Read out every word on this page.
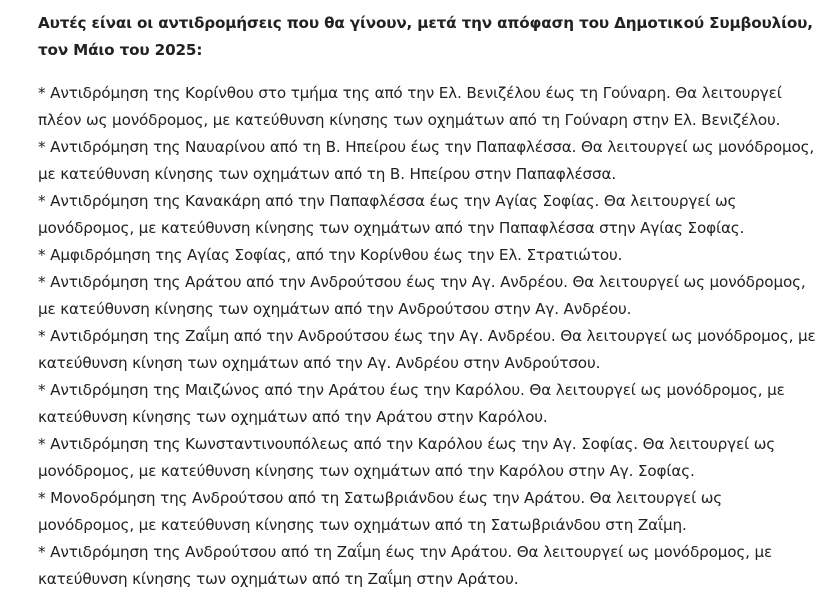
Αυτές είναι οι αντιδρομήσεις που θα γίνουν, μετά την απόφαση του Δημοτικού Συμβουλίου, τον Μάιο του 2025:

* Αντιδρόμηση της Κορίνθου στο τμήμα της από την Ελ. Βενιζέλου έως τη Γούναρη. Θα λειτουργεί πλέον ως μονόδρομος, με κατεύθυνση κίνησης των οχημάτων από τη Γούναρη στην Ελ. Βενιζέλου.
* Αντιδρόμηση της Ναυαρίνου από τη Β. Ηπείρου έως την Παπαφλέσσα. Θα λειτουργεί ως μονόδρομος, με κατεύθυνση κίνησης των οχημάτων από τη Β. Ηπείρου στην Παπαφλέσσα.
* Αντιδρόμηση της Κανακάρη από την Παπαφλέσσα έως την Αγίας Σοφίας. Θα λειτουργεί ως μονόδρομος, με κατεύθυνση κίνησης των οχημάτων από την Παπαφλέσσα στην Αγίας Σοφίας.
* Αμφιδρόμηση της Αγίας Σοφίας, από την Κορίνθου έως την Ελ. Στρατιώτου.
* Αντιδρόμηση της Αράτου από την Ανδρούτσου έως την Αγ. Ανδρέου. Θα λειτουργεί ως μονόδρομος, με κατεύθυνση κίνησης των οχημάτων από την Ανδρούτσου στην Αγ. Ανδρέου.
* Αντιδρόμηση της Ζαΐμη από την Ανδρούτσου έως την Αγ. Ανδρέου. Θα λειτουργεί ως μονόδρομος, με κατεύθυνση κίνηση των οχημάτων από την Αγ. Ανδρέου στην Ανδρούτσου.
* Αντιδρόμηση της Μαιζώνος από την Αράτου έως την Καρόλου. Θα λειτουργεί ως μονόδρομος, με κατεύθυνση κίνησης των οχημάτων από την Αράτου στην Καρόλου.
* Αντιδρόμηση της Κωνσταντινουπόλεως από την Καρόλου έως την Αγ. Σοφίας. Θα λειτουργεί ως μονόδρομος, με κατεύθυνση κίνησης των οχημάτων από την Καρόλου στην Αγ. Σοφίας.
* Μονοδρόμηση της Ανδρούτσου από τη Σατωβριάνδου έως την Αράτου. Θα λειτουργεί ως μονόδρομος, με κατεύθυνση κίνησης των οχημάτων από τη Σατωβριάνδου στη Ζαΐμη.
* Αντιδρόμηση της Ανδρούτσου από τη Ζαΐμη έως την Αράτου. Θα λειτουργεί ως μονόδρομος, με κατεύθυνση κίνησης των οχημάτων από τη Ζαΐμη στην Αράτου.
